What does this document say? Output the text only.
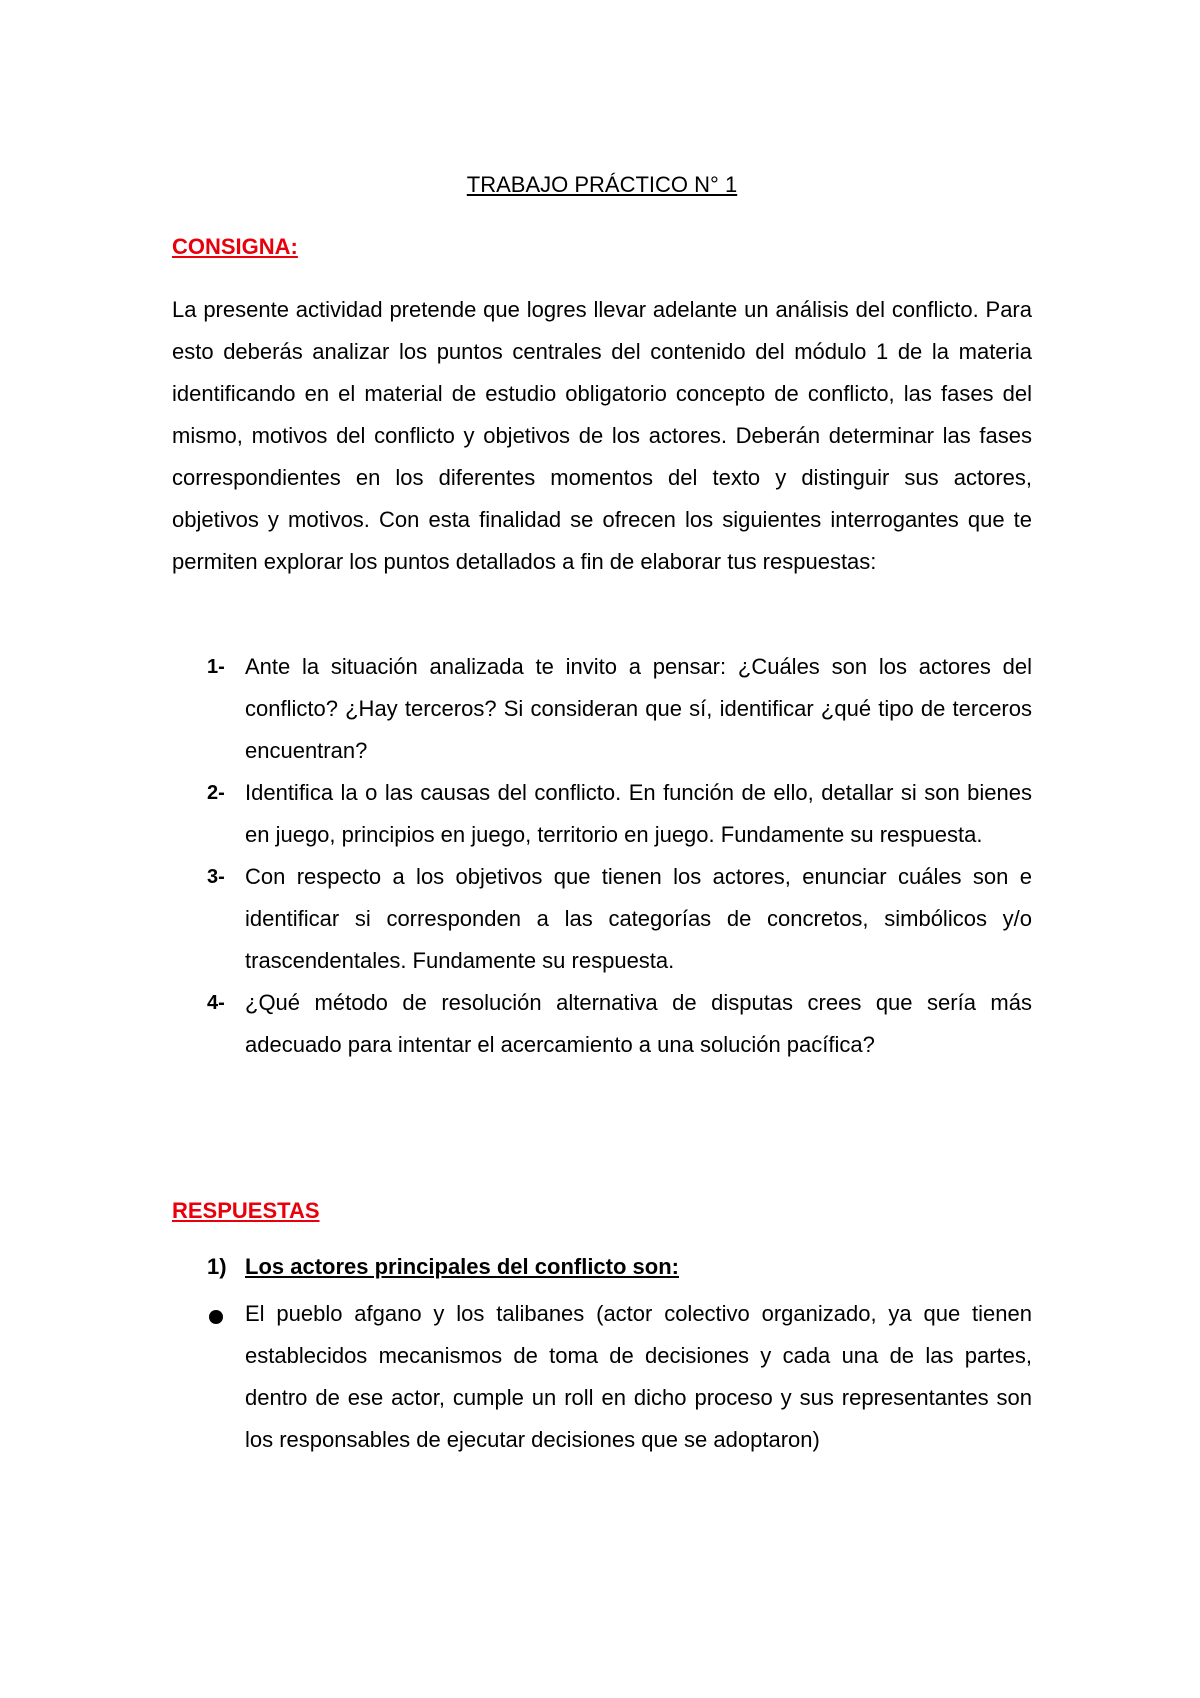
TRABAJO PRÁCTICO N° 1
CONSIGNA:
La presente actividad pretende que logres llevar adelante un análisis del conflicto. Para esto deberás analizar los puntos centrales del contenido del módulo 1 de la materia identificando en el material de estudio obligatorio concepto de conflicto, las fases del mismo, motivos del conflicto y objetivos de los actores. Deberán determinar las fases correspondientes en los diferentes momentos del texto y distinguir sus actores, objetivos y motivos. Con esta finalidad se ofrecen los siguientes interrogantes que te permiten explorar los puntos detallados a fin de elaborar tus respuestas:
1- Ante la situación analizada te invito a pensar: ¿Cuáles son los actores del conflicto? ¿Hay terceros? Si consideran que sí, identificar ¿qué tipo de terceros encuentran?
2- Identifica la o las causas del conflicto. En función de ello, detallar si son bienes en juego, principios en juego, territorio en juego. Fundamente su respuesta.
3- Con respecto a los objetivos que tienen los actores, enunciar cuáles son e identificar si corresponden a las categorías de concretos, simbólicos y/o trascendentales. Fundamente su respuesta.
4- ¿Qué método de resolución alternativa de disputas crees que sería más adecuado para intentar el acercamiento a una solución pacífica?
RESPUESTAS
1) Los actores principales del conflicto son:
El pueblo afgano y los talibanes (actor colectivo organizado, ya que tienen establecidos mecanismos de toma de decisiones y cada una de las partes, dentro de ese actor, cumple un roll en dicho proceso y sus representantes son los responsables de ejecutar decisiones que se adoptaron)
